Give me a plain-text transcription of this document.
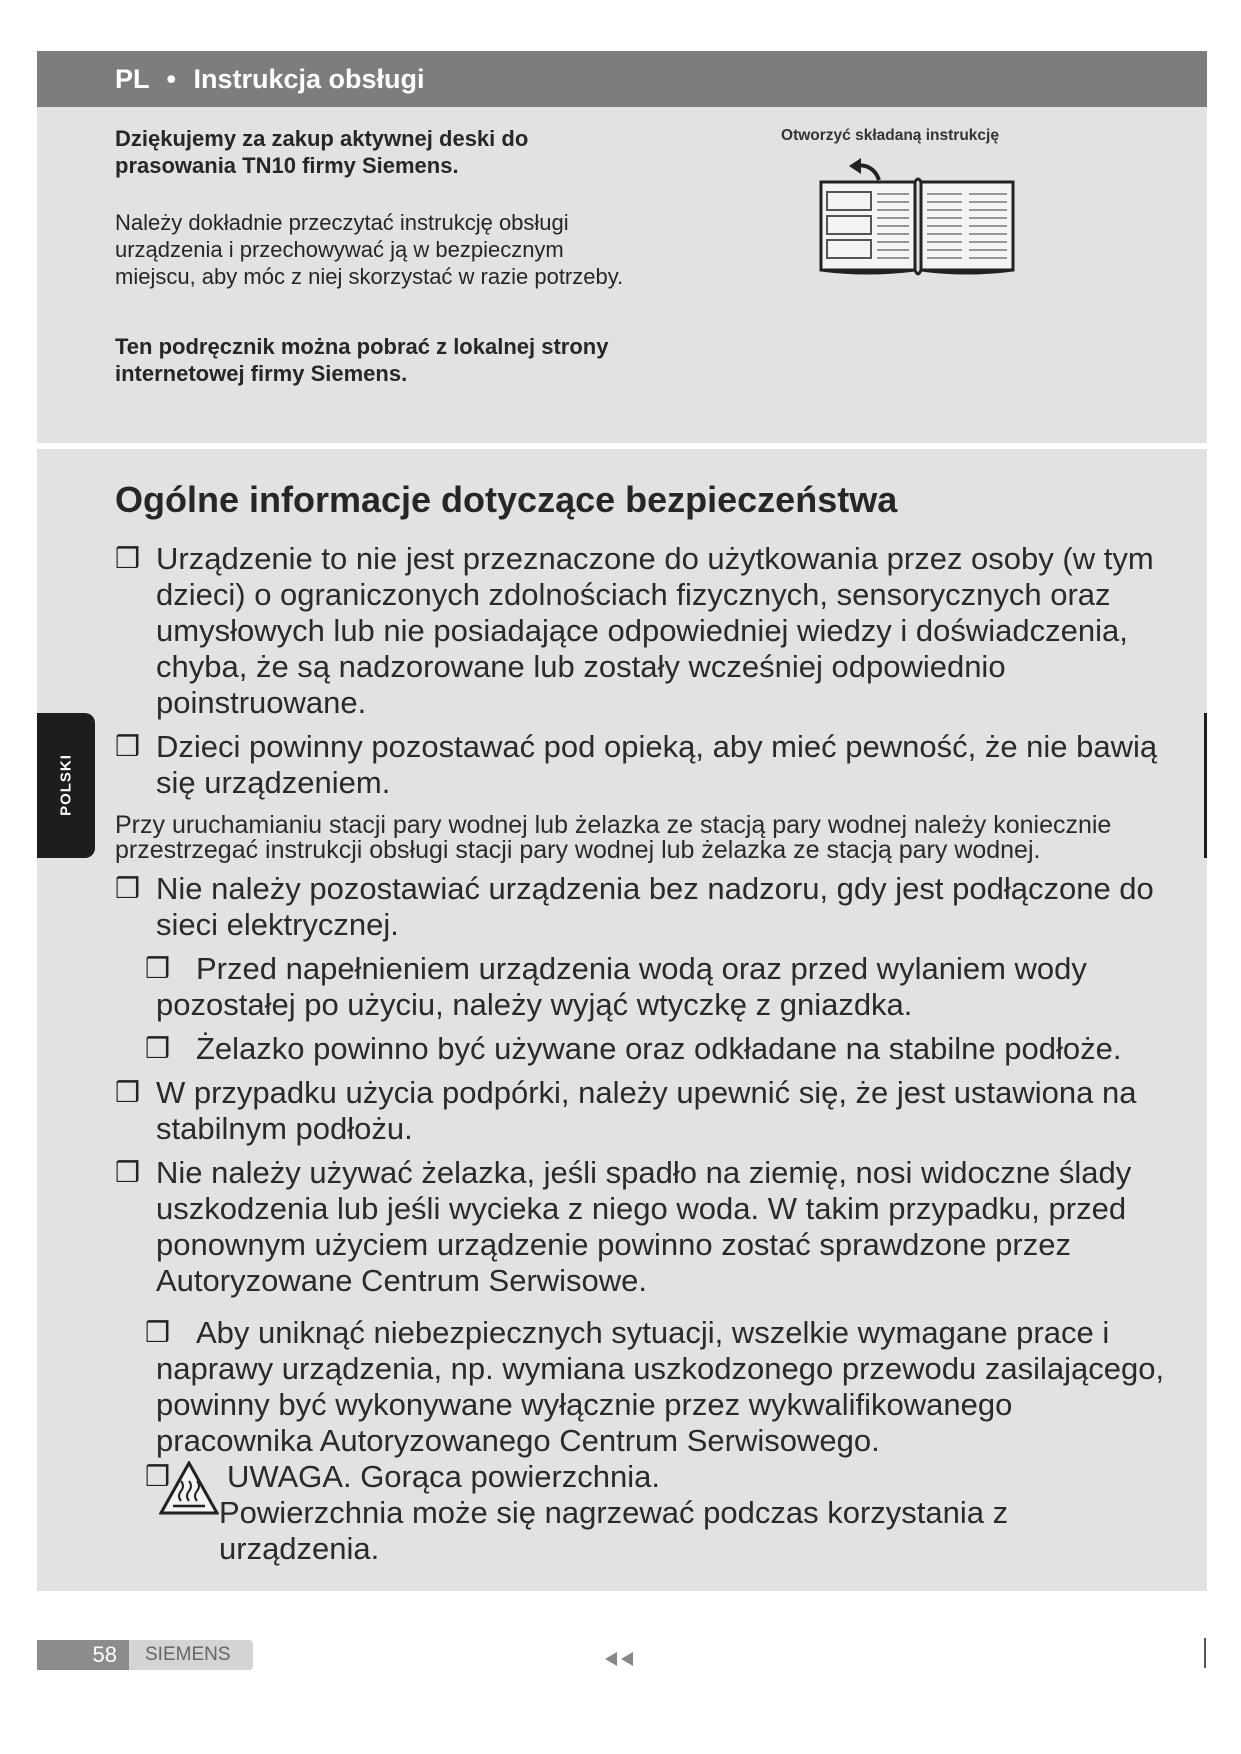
PL • Instrukcja obsługi
Dziękujemy za zakup aktywnej deski do prasowania TN10 firmy Siemens.
Należy dokładnie przeczytać instrukcję obsługi urządzenia i przechowywać ją w bezpiecznym miejscu, aby móc z niej skorzystać w razie potrzeby.
Ten podręcznik można pobrać z lokalnej strony internetowej firmy Siemens.
Otworzyć składaną instrukcję
Ogólne informacje dotyczące bezpieczeństwa
❒ Urządzenie to nie jest przeznaczone do użytkowania przez osoby (w tym dzieci) o ograniczonych zdolnościach fizycznych, sensorycznych oraz umysłowych lub nie posiadające odpowiedniej wiedzy i doświadczenia, chyba, że są nadzorowane lub zostały wcześniej odpowiednio poinstruowane.
❒ Dzieci powinny pozostawać pod opieką, aby mieć pewność, że nie bawią się urządzeniem.
Przy uruchamianiu stacji pary wodnej lub żelazka ze stacją pary wodnej należy koniecznie przestrzegać instrukcji obsługi stacji pary wodnej lub żelazka ze stacją pary wodnej.
❒ Nie należy pozostawiać urządzenia bez nadzoru, gdy jest podłączone do sieci elektrycznej.
❒ Przed napełnieniem urządzenia wodą oraz przed wylaniem wody pozostałej po użyciu, należy wyjąć wtyczkę z gniazdka.
❒ Żelazko powinno być używane oraz odkładane na stabilne podłoże.
❒ W przypadku użycia podpórki, należy upewnić się, że jest ustawiona na stabilnym podłożu.
❒ Nie należy używać żelazka, jeśli spadło na ziemię, nosi widoczne ślady uszkodzenia lub jeśli wycieka z niego woda. W takim przypadku, przed ponownym użyciem urządzenie powinno zostać sprawdzone przez Autoryzowane Centrum Serwisowe.
❒ Aby uniknąć niebezpiecznych sytuacji, wszelkie wymagane prace i naprawy urządzenia, np. wymiana uszkodzonego przewodu zasilającego, powinny być wykonywane wyłącznie przez wykwalifikowanego pracownika Autoryzowanego Centrum Serwisowego.
❒	UWAGA. Gorąca powierzchnia.
Powierzchnia może się nagrzewać podczas korzystania z urządzenia.
POLSKI
58	SIEMENS
